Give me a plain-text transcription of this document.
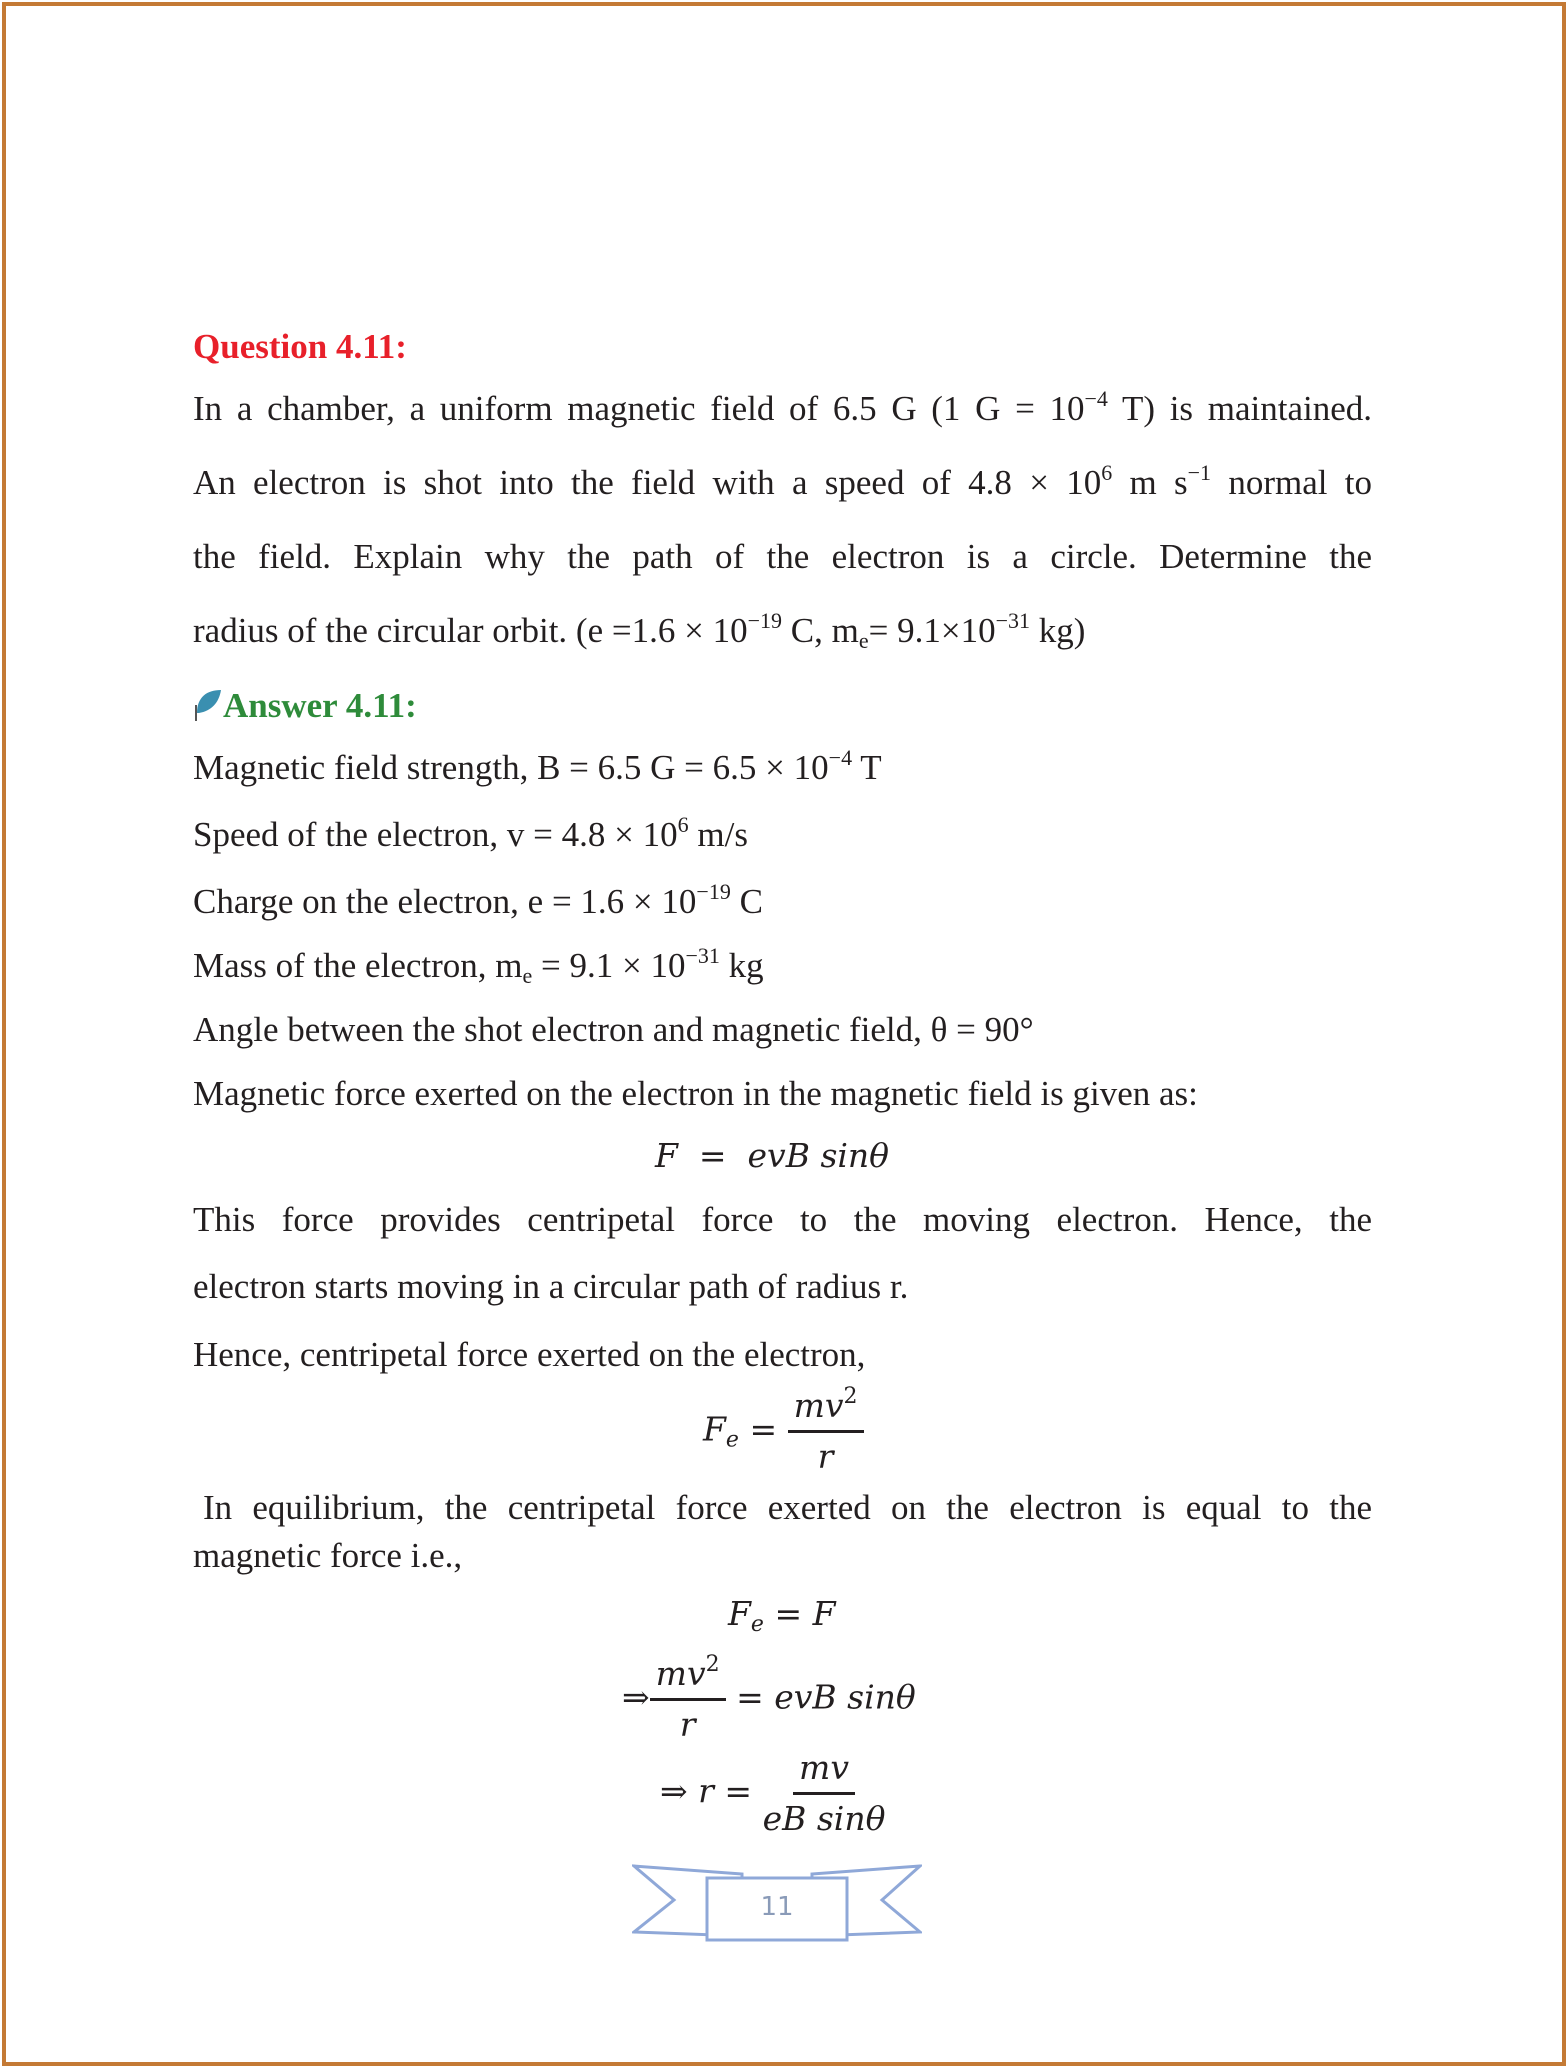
Question 4.11:
In a chamber, a uniform magnetic field of 6.5 G (1 $G = 10^{-4}$ T) is maintained.
An electron is shot into the field with a speed of $4.8 \times 10^6$ m $s^{-1}$ normal to
the field. Explain why the path of the electron is a circle. Determine the
radius of the circular orbit. ($e =1.6 \times 10^{-19}$ C, $me= 9.1\times 10^{-31}$ kg)
Answer 4.11:
Magnetic field strength, B = 6.5 $G = 6.5 \times 10^{-4}$ T
Speed of the electron, $v = 4.8 \times 10^6$ m/s
Charge on the electron, $e = 1.6 \times 10^{-19}$ C
Mass of the electron, $m_e = 9.1 \times 10^{-31}$ kg
Angle between the shot electron and magnetic field, θ = 90°
Magnetic force exerted on the electron in the magnetic field is given as:
F = evB sinθ
This force provides centripetal force to the moving electron. Hence, the
electron starts moving in a circular path of radius r.
Hence, centripetal force exerted on the electron,
$F_e = \frac{mv^2}{r}$
In equilibrium, the centripetal force exerted on the electron is equal to the
magnetic force i.e.,
$F_e = F$
⇒ $\frac{mv^2}{r}$ = evB sinθ
⇒ $r = \frac{mv}{\text{eB sinθ}}$
11
